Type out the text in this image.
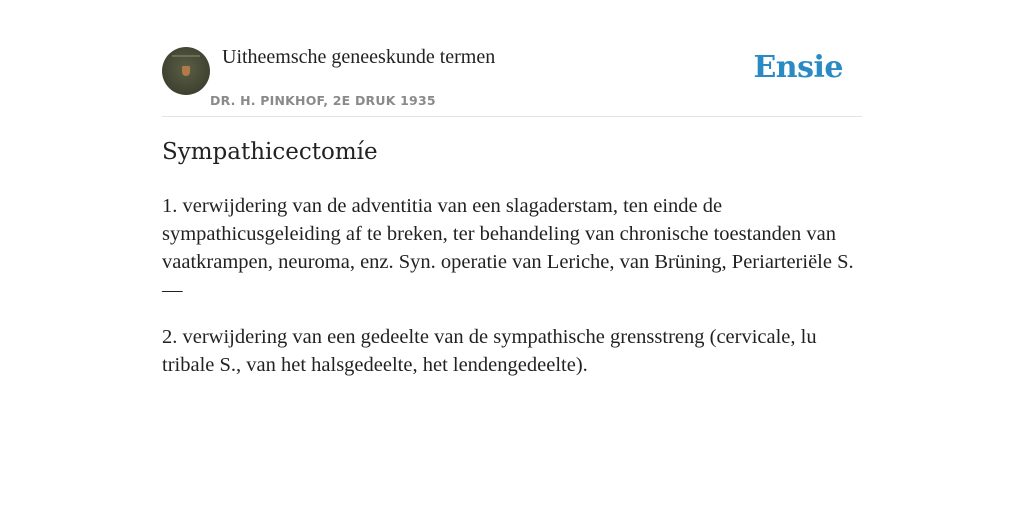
Uitheemsche geneeskunde termen
DR. H. PINKHOF, 2E DRUK 1935
Ensie
Sympathicectomíe

1. verwijdering van de adventitia van een slagaderstam, ten einde de sympathicusgeleiding af te breken, ter behandeling van chronische toestanden van vaatkrampen, neuroma, enz. Syn. operatie van Leriche, van Brüning, Periarteriële S. —

2. verwijdering van een gedeelte van de sympathische grensstreng (cervicale, lu tribale S., van het halsgedeelte, het lendengedeelte).
